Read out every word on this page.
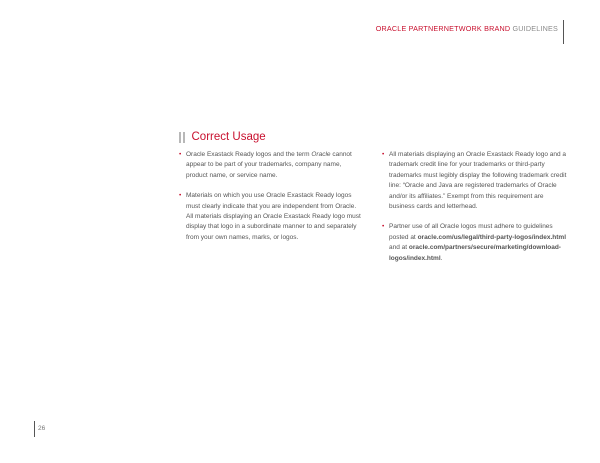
ORACLE PARTNERNETWORK BRAND GUIDELINES
Correct Usage

• Oracle Exastack Ready logos and the term Oracle cannot appear to be part of your trademarks, company name, product name, or service name.

• Materials on which you use Oracle Exastack Ready logos must clearly indicate that you are independent from Oracle. All materials displaying an Oracle Exastack Ready logo must display that logo in a subordinate manner to and separately from your own names, marks, or logos.

• All materials displaying an Oracle Exastack Ready logo and a trademark credit line for your trademarks or third-party trademarks must legibly display the following trademark credit line: “Oracle and Java are registered trademarks of Oracle and/or its affiliates.” Exempt from this requirement are business cards and letterhead.

• Partner use of all Oracle logos must adhere to guidelines posted at oracle.com/us/legal/third-party-logos/index.html and at oracle.com/partners/secure/marketing/download-logos/index.html.

26
